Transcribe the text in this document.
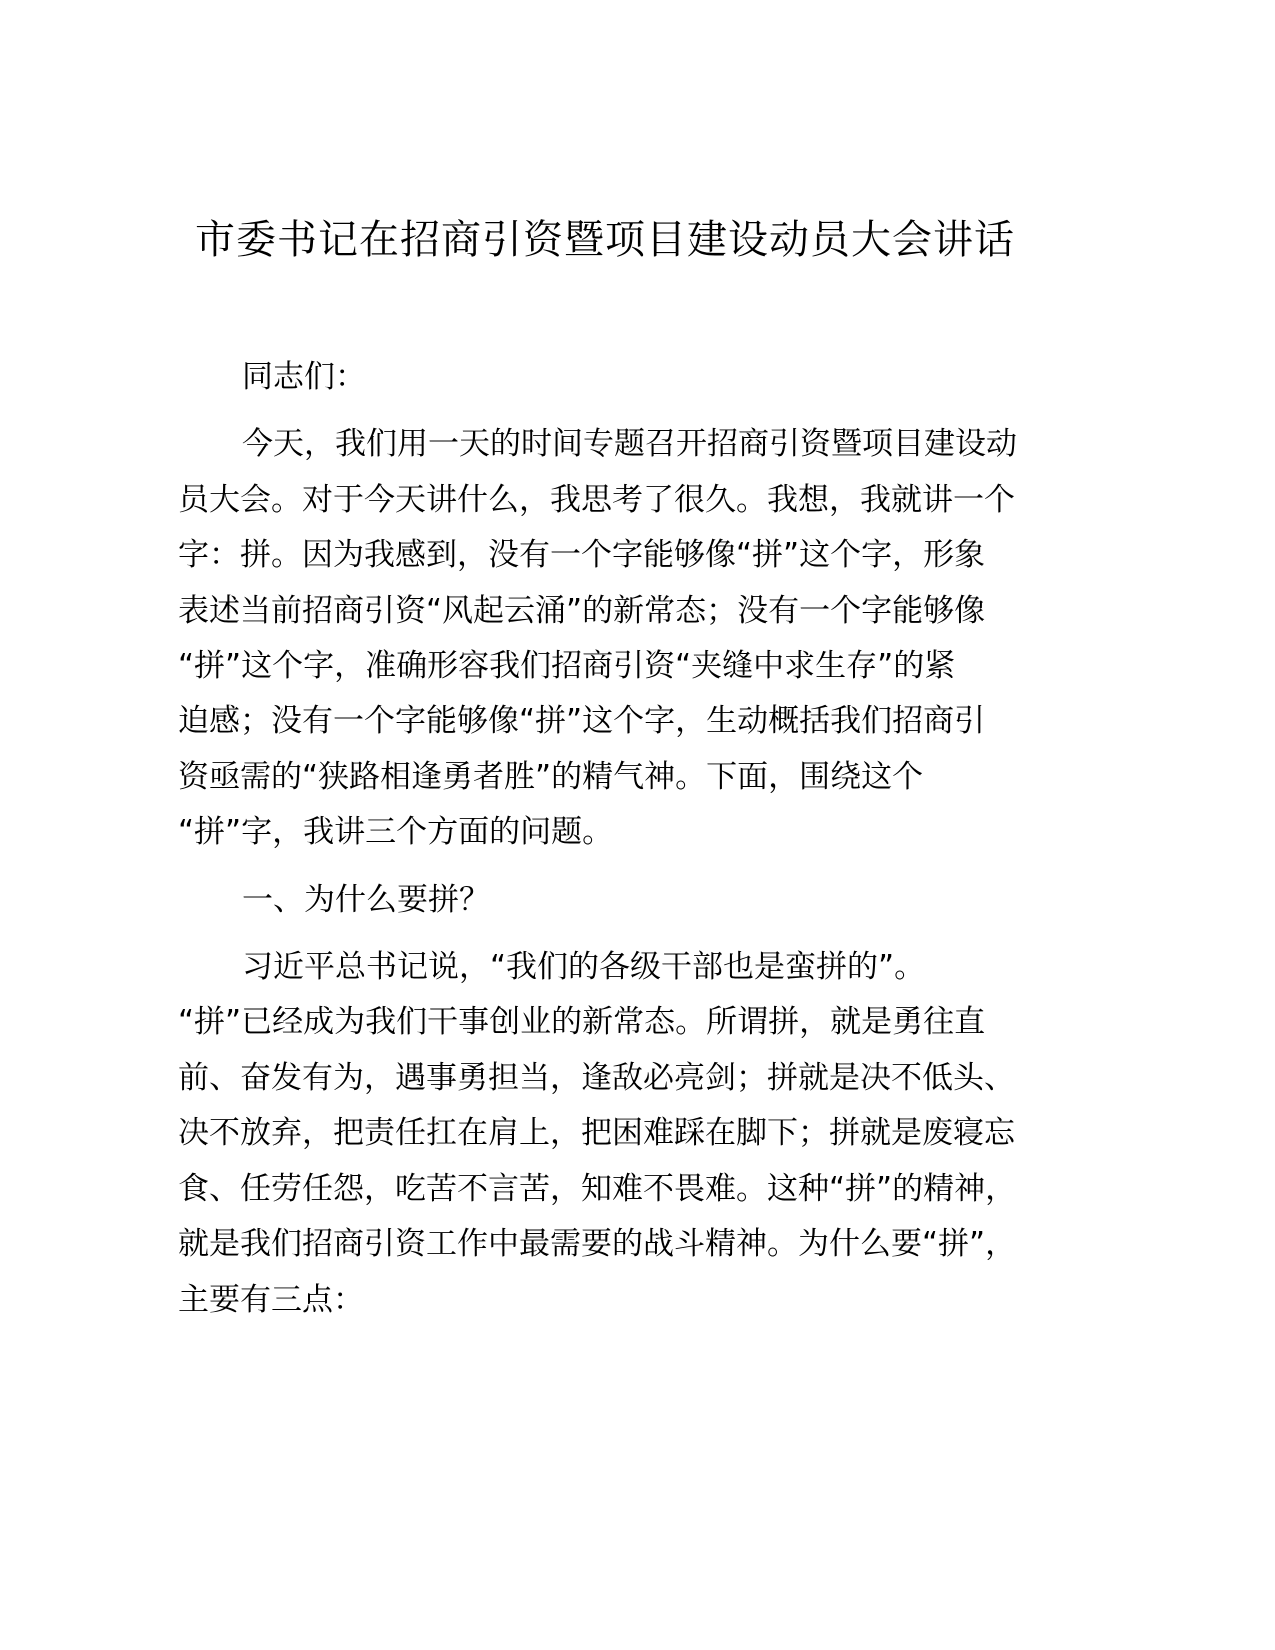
市委书记在招商引资暨项目建设动员大会讲话
同志们：
今天，我们用一天的时间专题召开招商引资暨项目建设动
员大会。对于今天讲什么，我思考了很久。我想，我就讲一个
字：拼。因为我感到，没有一个字能够像“拼”这个字，形象
表述当前招商引资“风起云涌”的新常态；没有一个字能够像
“拼”这个字，准确形容我们招商引资“夹缝中求生存”的紧
迫感；没有一个字能够像“拼”这个字，生动概括我们招商引
资亟需的“狭路相逢勇者胜”的精气神。下面，围绕这个
“拼”字，我讲三个方面的问题。
一、为什么要拼？
习近平总书记说，“我们的各级干部也是蛮拼的”。
“拼”已经成为我们干事创业的新常态。所谓拼，就是勇往直
前、奋发有为，遇事勇担当，逢敌必亮剑；拼就是决不低头、
决不放弃，把责任扛在肩上，把困难踩在脚下；拼就是废寝忘
食、任劳任怨，吃苦不言苦，知难不畏难。这种“拼”的精神，
就是我们招商引资工作中最需要的战斗精神。为什么要“拼”，
主要有三点：
